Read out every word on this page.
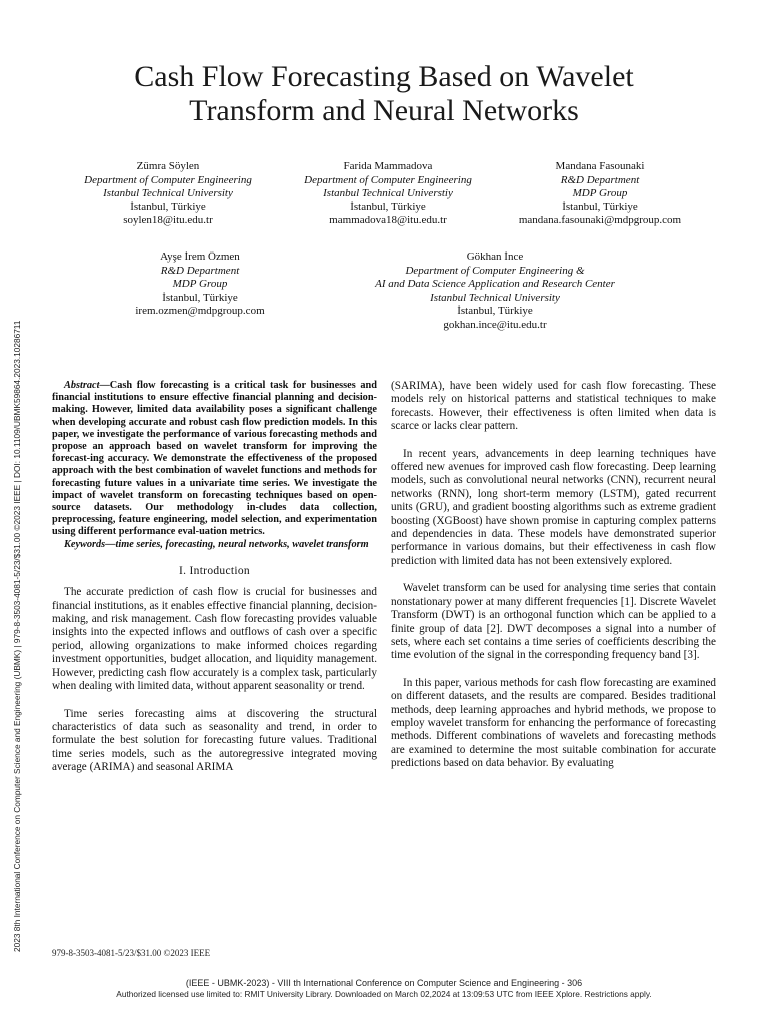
Cash Flow Forecasting Based on Wavelet
Transform and Neural Networks
Zümra Söylen
Department of Computer Engineering
Istanbul Technical University
İstanbul, Türkiye
soylen18@itu.edu.tr
Farida Mammadova
Department of Computer Engineering
Istanbul Technical Universtiy
İstanbul, Türkiye
mammadova18@itu.edu.tr
Mandana Fasounaki
R&D Department
MDP Group
İstanbul, Türkiye
mandana.fasounaki@mdpgroup.com
Ayşe İrem Özmen
R&D Department
MDP Group
İstanbul, Türkiye
irem.ozmen@mdpgroup.com
Gökhan İnce
Department of Computer Engineering &
AI and Data Science Application and Research Center
Istanbul Technical University
İstanbul, Türkiye
gokhan.ince@itu.edu.tr

Abstract—Cash flow forecasting is a critical task for businesses and financial institutions to ensure effective financial planning and decision-making. However, limited data availability poses a significant challenge when developing accurate and robust cash flow prediction models. In this paper, we investigate the performance of various forecasting methods and propose an approach based on wavelet transform for improving the forecast-ing accuracy. We demonstrate the effectiveness of the proposed approach with the best combination of wavelet functions and methods for forecasting future values in a univariate time series. We investigate the impact of wavelet transform on forecasting techniques based on open-source datasets. Our methodology in-cludes data collection, preprocessing, feature engineering, model selection, and experimentation using different performance eval-uation metrics.

Keywords—time series, forecasting, neural networks, wavelet transform

I. Introduction

The accurate prediction of cash flow is crucial for businesses and financial institutions, as it enables effective financial planning, decision-making, and risk management. Cash flow forecasting provides valuable insights into the expected inflows and outflows of cash over a specific period, allowing organizations to make informed choices regarding investment opportunities, budget allocation, and liquidity management. However, predicting cash flow accurately is a complex task, particularly when dealing with limited data, without apparent seasonality or trend.

Time series forecasting aims at discovering the structural characteristics of data such as seasonality and trend, in order to formulate the best solution for forecasting future values. Traditional time series models, such as the autoregressive integrated moving average (ARIMA) and seasonal ARIMA

(SARIMA), have been widely used for cash flow forecasting. These models rely on historical patterns and statistical techniques to make forecasts. However, their effectiveness is often limited when data is scarce or lacks clear pattern.

In recent years, advancements in deep learning techniques have offered new avenues for improved cash flow forecasting. Deep learning models, such as convolutional neural networks (CNN), recurrent neural networks (RNN), long short-term memory (LSTM), gated recurrent units (GRU), and gradient boosting algorithms such as extreme gradient boosting (XGBoost) have shown promise in capturing complex patterns and dependencies in data. These models have demonstrated superior performance in various domains, but their effectiveness in cash flow prediction with limited data has not been extensively explored.

Wavelet transform can be used for analysing time series that contain nonstationary power at many different frequencies [1]. Discrete Wavelet Transform (DWT) is an orthogonal function which can be applied to a finite group of data [2]. DWT decomposes a signal into a number of sets, where each set contains a time series of coefficients describing the time evolution of the signal in the corresponding frequency band [3].

In this paper, various methods for cash flow forecasting are examined on different datasets, and the results are compared. Besides traditional methods, deep learning approaches and hybrid methods, we propose to employ wavelet transform for enhancing the performance of forecasting methods. Different combinations of wavelets and forecasting methods are examined to determine the most suitable combination for accurate predictions based on data behavior. By evaluating

2023 8th International Conference on Computer Science and Engineering (UBMK) | 979-8-3503-4081-5/23/$31.00 ©2023 IEEE | DOI: 10.1109/UBMK59864.2023.10286711
979-8-3503-4081-5/23/$31.00 ©2023 IEEE
(IEEE - UBMK-2023) - VIII th International Conference on Computer Science and Engineering - 306
Authorized licensed use limited to: RMIT University Library. Downloaded on March 02,2024 at 13:09:53 UTC from IEEE Xplore. Restrictions apply.
